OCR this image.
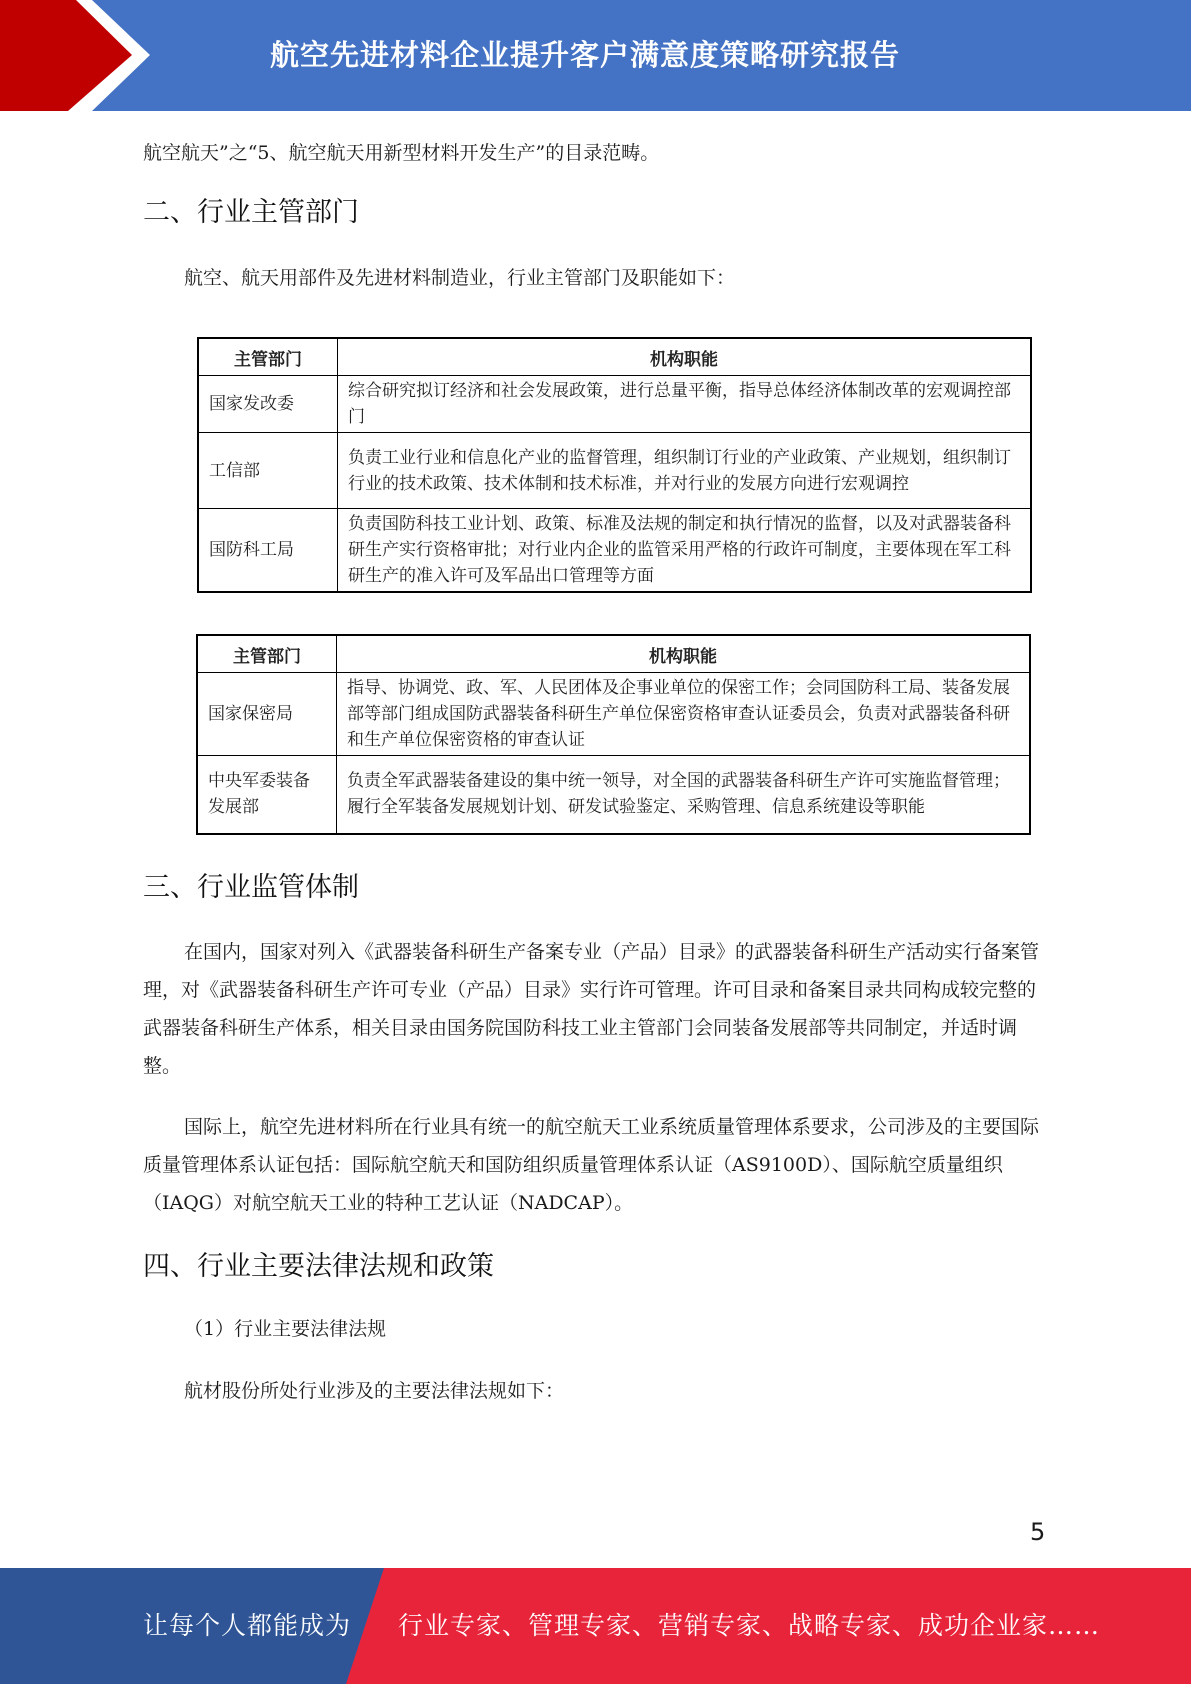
航空先进材料企业提升客户满意度策略研究报告

航空航天”之“5、航空航天用新型材料开发生产”的目录范畴。

二、行业主管部门

航空、航天用部件及先进材料制造业，行业主管部门及职能如下：

主管部门	机构职能
国家发改委	综合研究拟订经济和社会发展政策，进行总量平衡，指导总体经济体制改革的宏观调控部门
工信部	负责工业行业和信息化产业的监督管理，组织制订行业的产业政策、产业规划，组织制订行业的技术政策、技术体制和技术标准，并对行业的发展方向进行宏观调控
国防科工局	负责国防科技工业计划、政策、标准及法规的制定和执行情况的监督，以及对武器装备科研生产实行资格审批；对行业内企业的监管采用严格的行政许可制度，主要体现在军工科研生产的准入许可及军品出口管理等方面
主管部门	机构职能
国家保密局	指导、协调党、政、军、人民团体及企事业单位的保密工作；会同国防科工局、装备发展部等部门组成国防武器装备科研生产单位保密资格审查认证委员会，负责对武器装备科研和生产单位保密资格的审查认证
中央军委装备发展部	负责全军武器装备建设的集中统一领导，对全国的武器装备科研生产许可实施监督管理；履行全军装备发展规划计划、研发试验鉴定、采购管理、信息系统建设等职能
三、行业监管体制

在国内，国家对列入《武器装备科研生产备案专业（产品）目录》的武器装备科研生产活动实行备案管理，对《武器装备科研生产许可专业（产品）目录》实行许可管理。许可目录和备案目录共同构成较完整的武器装备科研生产体系，相关目录由国务院国防科技工业主管部门会同装备发展部等共同制定，并适时调整。

国际上，航空先进材料所在行业具有统一的航空航天工业系统质量管理体系要求，公司涉及的主要国际质量管理体系认证包括：国际航空航天和国防组织质量管理体系认证（AS9100D）、国际航空质量组织（IAQG）对航空航天工业的特种工艺认证（NADCAP）。

四、行业主要法律法规和政策

（1）行业主要法律法规

航材股份所处行业涉及的主要法律法规如下：

5
让每个人都能成为 行业专家、管理专家、营销专家、战略专家、成功企业家……
